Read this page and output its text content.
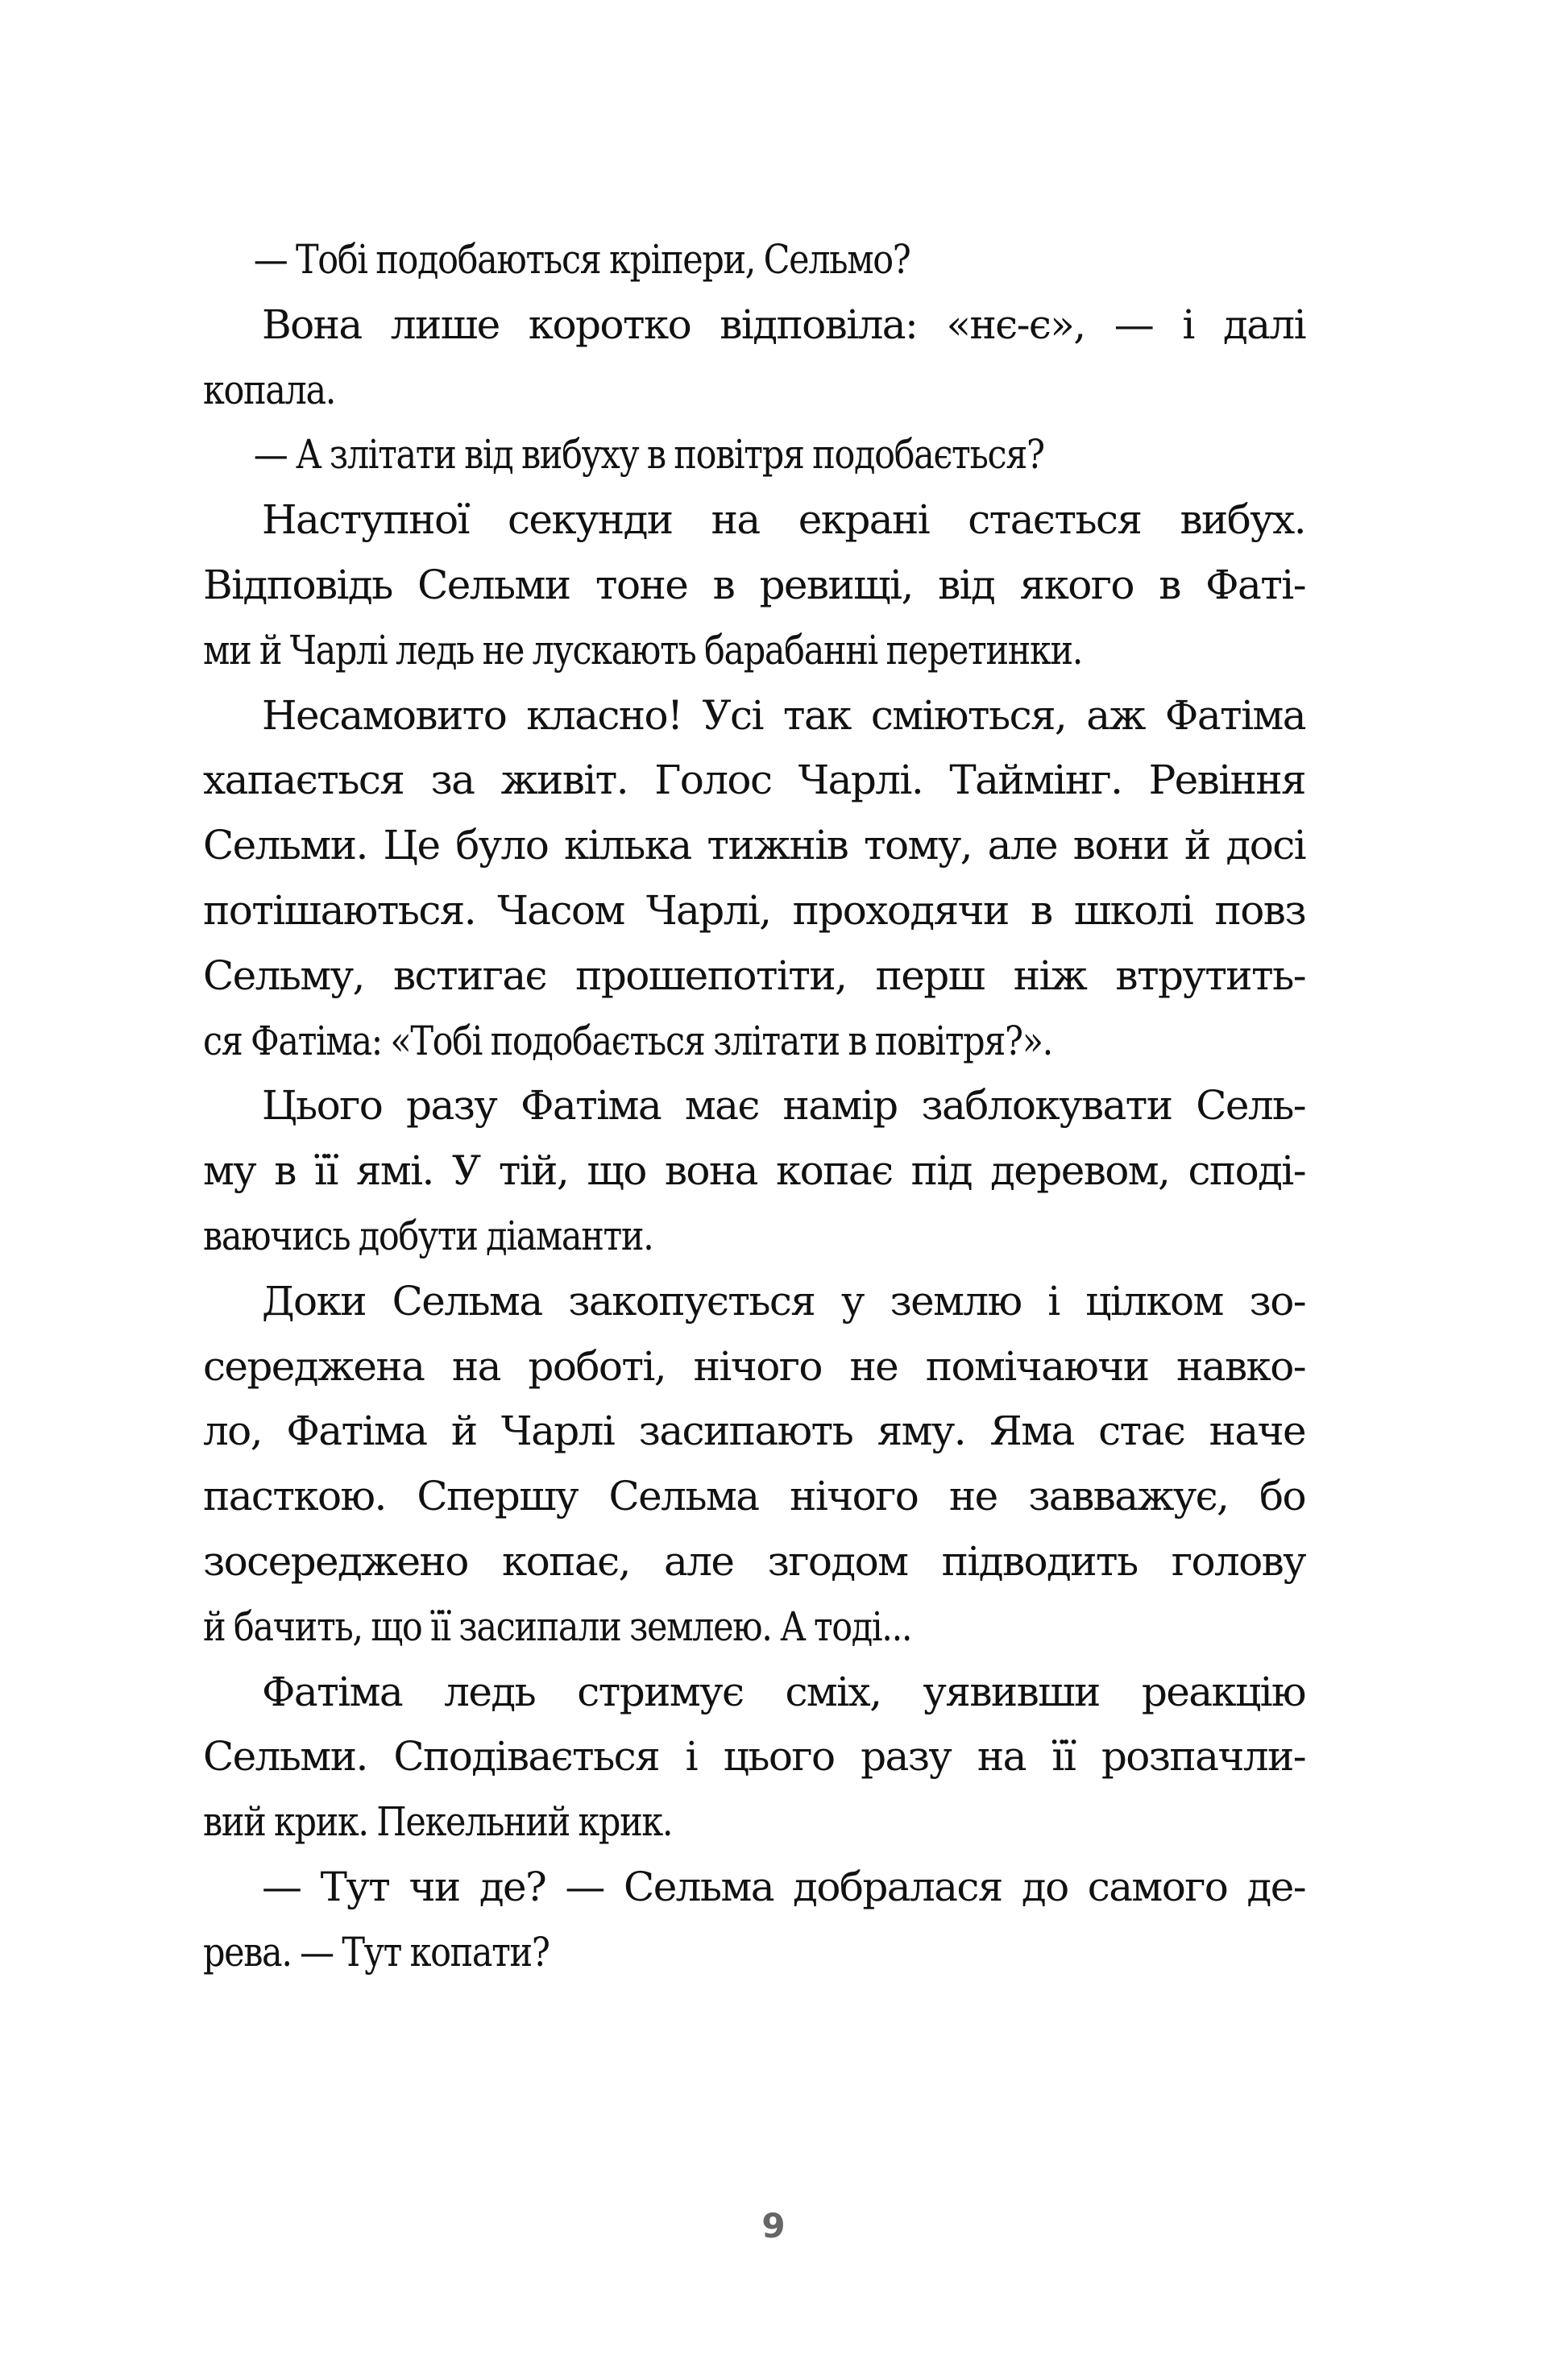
— Тобі подобаються кріпери, Сельмо?
Вона лише коротко відповіла: «нє-є», — і далі
копала.
— А злітати від вибуху в повітря подобається?
Наступної секунди на екрані стається вибух.
Відповідь Сельми тоне в ревищі, від якого в Фаті-
ми й Чарлі ледь не лускають барабанні перетинки.
Несамовито класно! Усі так сміються, аж Фатіма
хапається за живіт. Голос Чарлі. Таймінг. Ревіння
Сельми. Це було кілька тижнів тому, але вони й досі
потішаються. Часом Чарлі, проходячи в школі повз
Сельму, встигає прошепотіти, перш ніж втрутить-
ся Фатіма: «Тобі подобається злітати в повітря?».
Цього разу Фатіма має намір заблокувати Сель-
му в її ямі. У тій, що вона копає під деревом, споді-
ваючись добути діаманти.
Доки Сельма закопується у землю і цілком зо-
середжена на роботі, нічого не помічаючи навко-
ло, Фатіма й Чарлі засипають яму. Яма стає наче
пасткою. Спершу Сельма нічого не завважує, бо
зосереджено копає, але згодом підводить голову
й бачить, що її засипали землею. А тоді...
Фатіма ледь стримує сміх, уявивши реакцію
Сельми. Сподівається і цього разу на її розпачли-
вий крик. Пекельний крик.
— Тут чи де? — Сельма добралася до самого де-
рева. — Тут копати?
9
